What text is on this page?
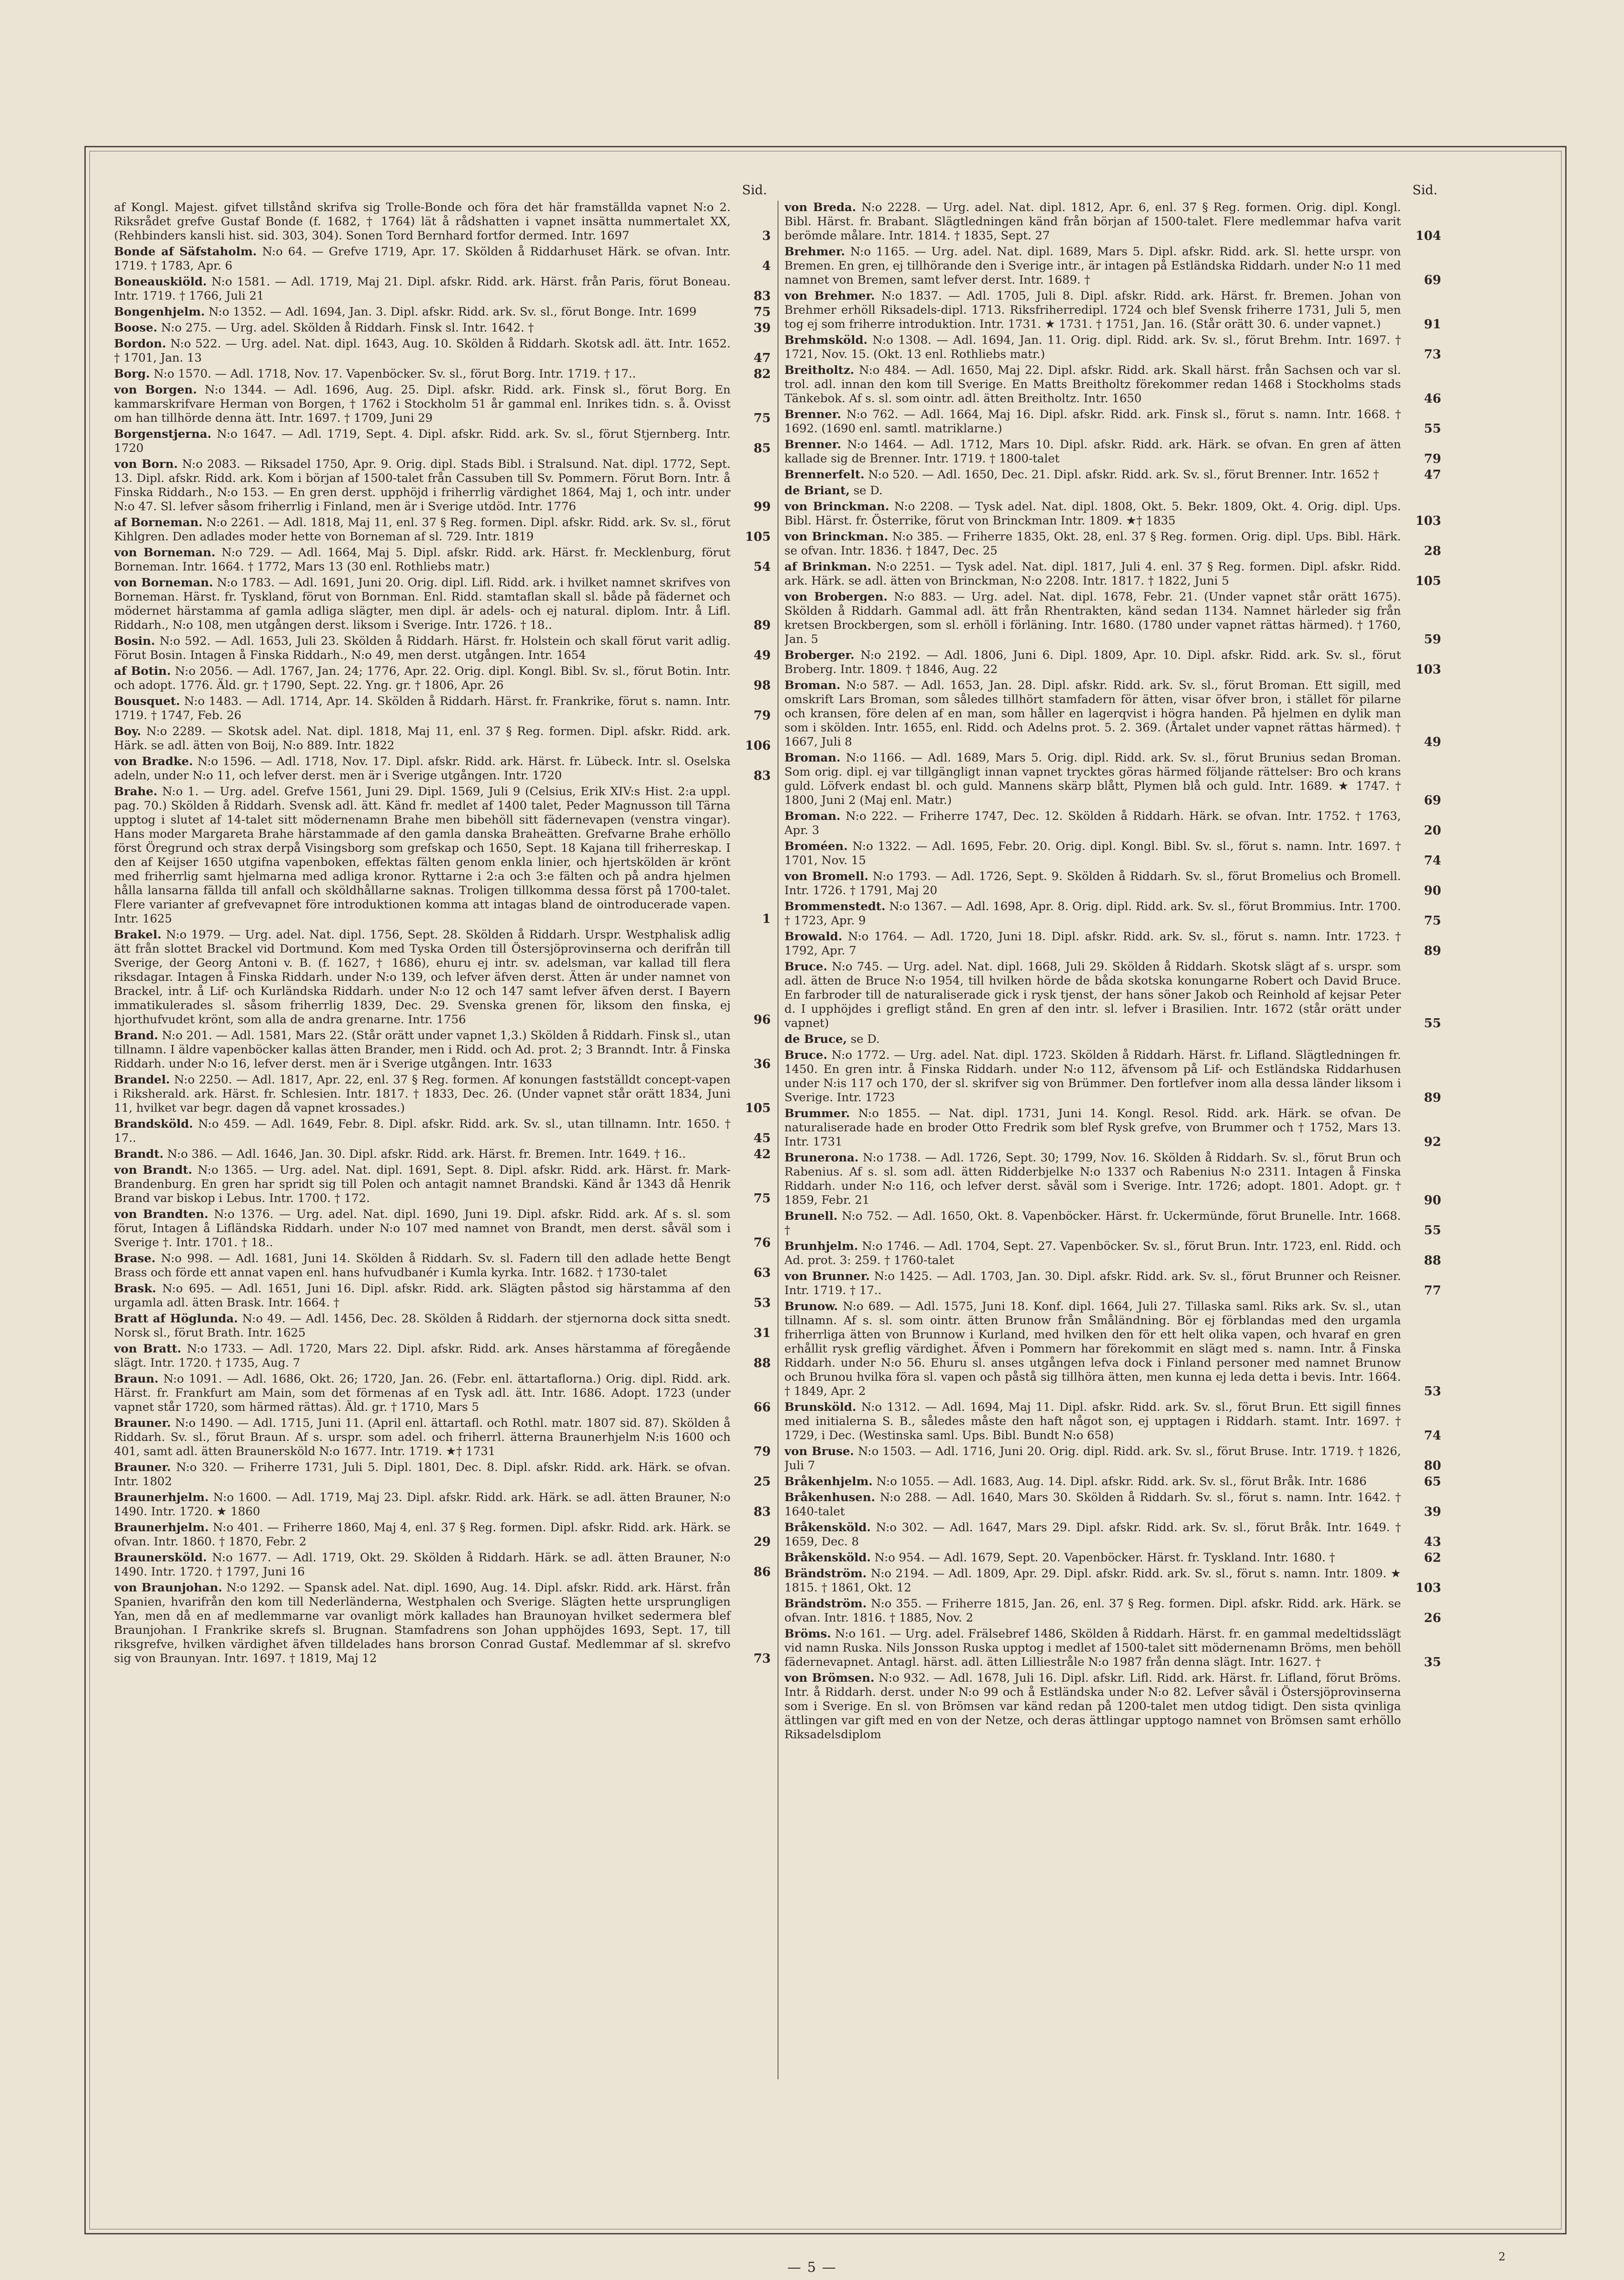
Sid.
af Kongl. Majest. gifvet tillstånd skrifva sig Trolle-Bonde och föra det här framställda vapnet N:o 2. Riksrådet grefve Gustaf Bonde (f. 1682, † 1764) lät å rådshatten i vapnet insätta nummertalet XX, (Rehbinders kansli hist. sid. 303, 304). Sonen Tord Bernhard fortfor dermed. Intr. 1697	3
Bonde af Säfstaholm. N:o 64. — Grefve 1719, Apr. 17. Skölden å Riddarhuset Härk. se ofvan. Intr. 1719. † 1783, Apr. 6	4
Boneauskiöld. N:o 1581. — Adl. 1719, Maj 21. Dipl. afskr. Ridd. ark. Härst. från Paris, förut Boneau. Intr. 1719. † 1766, Juli 21	83
Bongenhjelm. N:o 1352. — Adl. 1694, Jan. 3. Dipl. afskr. Ridd. ark. Sv. sl., förut Bonge. Intr. 1699	75
Boose. N:o 275. — Urg. adel. Skölden å Riddarh. Finsk sl. Intr. 1642. †	39
Bordon. N:o 522. — Urg. adel. Nat. dipl. 1643, Aug. 10. Skölden å Riddarh. Skotsk adl. ätt. Intr. 1652. † 1701, Jan. 13	47
Borg. N:o 1570. — Adl. 1718, Nov. 17. Vapenböcker. Sv. sl., förut Borg. Intr. 1719. † 17..	82
von Borgen. N:o 1344. — Adl. 1696, Aug. 25. Dipl. afskr. Ridd. ark. Finsk sl., förut Borg. En kammarskrifvare Herman von Borgen, † 1762 i Stockholm 51 år gammal enl. Inrikes tidn. s. å. Ovisst om han tillhörde denna ätt. Intr. 1697. † 1709, Juni 29	75
Borgenstjerna. N:o 1647. — Adl. 1719, Sept. 4. Dipl. afskr. Ridd. ark. Sv. sl., förut Stjernberg. Intr. 1720	85
von Born. N:o 2083. — Riksadel 1750, Apr. 9. Orig. dipl. Stads Bibl. i Stralsund. Nat. dipl. 1772, Sept. 13. Dipl. afskr. Ridd. ark. Kom i början af 1500-talet från Cassuben till Sv. Pommern. Förut Born. Intr. å Finska Riddarh., N:o 153. — En gren derst. upphöjd i friherrlig värdighet 1864, Maj 1, och intr. under N:o 47. Sl. lefver såsom friherrlig i Finland, men är i Sverige utdöd. Intr. 1776	99
af Borneman. N:o 2261. — Adl. 1818, Maj 11, enl. 37 § Reg. formen. Dipl. afskr. Ridd. ark. Sv. sl., förut Kihlgren. Den adlades moder hette von Borneman af sl. 729. Intr. 1819	105
von Borneman. N:o 729. — Adl. 1664, Maj 5. Dipl. afskr. Ridd. ark. Härst. fr. Mecklenburg, förut Borneman. Intr. 1664. † 1772, Mars 13 (30 enl. Rothliebs matr.)	54
von Borneman. N:o 1783. — Adl. 1691, Juni 20. Orig. dipl. Lifl. Ridd. ark. i hvilket namnet skrifves von Borneman. Härst. fr. Tyskland, förut von Bornman. Enl. Ridd. stamtaflan skall sl. både på fädernet och mödernet härstamma af gamla adliga slägter, men dipl. är adels- och ej natural. diplom. Intr. å Lifl. Riddarh., N:o 108, men utgången derst. liksom i Sverige. Intr. 1726. † 18..	89
Bosin. N:o 592. — Adl. 1653, Juli 23. Skölden å Riddarh. Härst. fr. Holstein och skall förut varit adlig. Förut Bosin. Intagen å Finska Riddarh., N:o 49, men derst. utgången. Intr. 1654	49
af Botin. N:o 2056. — Adl. 1767, Jan. 24; 1776, Apr. 22. Orig. dipl. Kongl. Bibl. Sv. sl., förut Botin. Intr. och adopt. 1776. Äld. gr. † 1790, Sept. 22. Yng. gr. † 1806, Apr. 26	98
Bousquet. N:o 1483. — Adl. 1714, Apr. 14. Skölden å Riddarh. Härst. fr. Frankrike, förut s. namn. Intr. 1719. † 1747, Feb. 26	79
Boy. N:o 2289. — Skotsk adel. Nat. dipl. 1818, Maj 11, enl. 37 § Reg. formen. Dipl. afskr. Ridd. ark. Härk. se adl. ätten von Boij, N:o 889. Intr. 1822	106
von Bradke. N:o 1596. — Adl. 1718, Nov. 17. Dipl. afskr. Ridd. ark. Härst. fr. Lübeck. Intr. sl. Oselska adeln, under N:o 11, och lefver derst. men är i Sverige utgången. Intr. 1720	83
Brahe. N:o 1. — Urg. adel. Grefve 1561, Juni 29. Dipl. 1569, Juli 9 (Celsius, Erik XIV:s Hist. 2:a uppl. pag. 70.) Skölden å Riddarh. Svensk adl. ätt. Känd fr. medlet af 1400 talet, Peder Magnusson till Tärna upptog i slutet af 14-talet sitt mödernenamn Brahe men bibehöll sitt fädernevapen (venstra vingar). Hans moder Margareta Brahe härstammade af den gamla danska Braheätten. Grefvarne Brahe erhöllo först Öregrund och strax derpå Visingsborg som grefskap och 1650, Sept. 18 Kajana till friherreskap. I den af Keijser 1650 utgifna vapenboken, effektas fälten genom enkla linier, och hjertskölden är krönt med friherrlig samt hjelmarna med adliga kronor. Ryttarne i 2:a och 3:e fälten och på andra hjelmen hålla lansarna fällda till anfall och sköldhållarne saknas. Troligen tillkomma dessa först på 1700-talet. Flere varianter af grefvevapnet före introduktionen komma att intagas bland de ointroducerade vapen. Intr. 1625	1
Brakel. N:o 1979. — Urg. adel. Nat. dipl. 1756, Sept. 28. Skölden å Riddarh. Urspr. Westphalisk adlig ätt från slottet Brackel vid Dortmund. Kom med Tyska Orden till Östersjöprovinserna och derifrån till Sverige, der Georg Antoni v. B. (f. 1627, † 1686), ehuru ej intr. sv. adelsman, var kallad till flera riksdagar. Intagen å Finska Riddarh. under N:o 139, och lefver äfven derst. Ätten är under namnet von Brackel, intr. å Lif- och Kurländska Riddarh. under N:o 12 och 147 samt lefver äfven derst. I Bayern immatikulerades sl. såsom friherrlig 1839, Dec. 29. Svenska grenen för, liksom den finska, ej hjorthufvudet krönt, som alla de andra grenarne. Intr. 1756	96
Brand. N:o 201. — Adl. 1581, Mars 22. (Står orätt under vapnet 1,3.) Skölden å Riddarh. Finsk sl., utan tillnamn. I äldre vapenböcker kallas ätten Brander, men i Ridd. och Ad. prot. 2; 3 Branndt. Intr. å Finska Riddarh. under N:o 16, lefver derst. men är i Sverige utgången. Intr. 1633	36
Brandel. N:o 2250. — Adl. 1817, Apr. 22, enl. 37 § Reg. formen. Af konungen fastställdt concept-vapen i Riksherald. ark. Härst. fr. Schlesien. Intr. 1817. † 1833, Dec. 26. (Under vapnet står orätt 1834, Juni 11, hvilket var begr. dagen då vapnet krossades.)	105
Brandsköld. N:o 459. — Adl. 1649, Febr. 8. Dipl. afskr. Ridd. ark. Sv. sl., utan tillnamn. Intr. 1650. † 17..	45
Brandt. N:o 386. — Adl. 1646, Jan. 30. Dipl. afskr. Ridd. ark. Härst. fr. Bremen. Intr. 1649. † 16..	42
von Brandt. N:o 1365. — Urg. adel. Nat. dipl. 1691, Sept. 8. Dipl. afskr. Ridd. ark. Härst. fr. Mark-Brandenburg. En gren har spridt sig till Polen och antagit namnet Brandski. Känd år 1343 då Henrik Brand var biskop i Lebus. Intr. 1700. † 172.	75
von Brandten. N:o 1376. — Urg. adel. Nat. dipl. 1690, Juni 19. Dipl. afskr. Ridd. ark. Af s. sl. som förut, Intagen å Lifländska Riddarh. under N:o 107 med namnet von Brandt, men derst. såväl som i Sverige †. Intr. 1701. † 18..	76
Brase. N:o 998. — Adl. 1681, Juni 14. Skölden å Riddarh. Sv. sl. Fadern till den adlade hette Bengt Brass och förde ett annat vapen enl. hans hufvudbanér i Kumla kyrka. Intr. 1682. † 1730-talet	63
Brask. N:o 695. — Adl. 1651, Juni 16. Dipl. afskr. Ridd. ark. Slägten påstod sig härstamma af den urgamla adl. ätten Brask. Intr. 1664. †	53
Bratt af Höglunda. N:o 49. — Adl. 1456, Dec. 28. Skölden å Riddarh. der stjernorna dock sitta snedt. Norsk sl., förut Brath. Intr. 1625	31
von Bratt. N:o 1733. — Adl. 1720, Mars 22. Dipl. afskr. Ridd. ark. Anses härstamma af föregående slägt. Intr. 1720. † 1735, Aug. 7	88
Braun. N:o 1091. — Adl. 1686, Okt. 26; 1720, Jan. 26. (Febr. enl. ättartaflorna.) Orig. dipl. Ridd. ark. Härst. fr. Frankfurt am Main, som det förmenas af en Tysk adl. ätt. Intr. 1686. Adopt. 1723 (under vapnet står 1720, som härmed rättas). Äld. gr. † 1710, Mars 5	66
Brauner. N:o 1490. — Adl. 1715, Juni 11. (April enl. ättartafl. och Rothl. matr. 1807 sid. 87). Skölden å Riddarh. Sv. sl., förut Braun. Af s. urspr. som adel. och friherrl. ätterna Braunerhjelm N:is 1600 och 401, samt adl. ätten Braunersköld N:o 1677. Intr. 1719. ★† 1731	79
Brauner. N:o 320. — Friherre 1731, Juli 5. Dipl. 1801, Dec. 8. Dipl. afskr. Ridd. ark. Härk. se ofvan. Intr. 1802	25
Braunerhjelm. N:o 1600. — Adl. 1719, Maj 23. Dipl. afskr. Ridd. ark. Härk. se adl. ätten Brauner, N:o 1490. Intr. 1720. ★ 1860	83
Braunerhjelm. N:o 401. — Friherre 1860, Maj 4, enl. 37 § Reg. formen. Dipl. afskr. Ridd. ark. Härk. se ofvan. Intr. 1860. † 1870, Febr. 2	29
Braunersköld. N:o 1677. — Adl. 1719, Okt. 29. Skölden å Riddarh. Härk. se adl. ätten Brauner, N:o 1490. Intr. 1720. † 1797, Juni 16	86
von Braunjohan. N:o 1292. — Spansk adel. Nat. dipl. 1690, Aug. 14. Dipl. afskr. Ridd. ark. Härst. från Spanien, hvarifrån den kom till Nederländerna, Westphalen och Sverige. Slägten hette ursprungligen Yan, men då en af medlemmarne var ovanligt mörk kallades han Braunoyan hvilket sedermera blef Braunjohan. I Frankrike skrefs sl. Brugnan. Stamfadrens son Johan upphöjdes 1693, Sept. 17, till riksgrefve, hvilken värdighet äfven tilldelades hans brorson Conrad Gustaf. Medlemmar af sl. skrefvo sig von Braunyan. Intr. 1697. † 1819, Maj 12	73
Sid.
von Breda. N:o 2228. — Urg. adel. Nat. dipl. 1812, Apr. 6, enl. 37 § Reg. formen. Orig. dipl. Kongl. Bibl. Härst. fr. Brabant. Slägtledningen känd från början af 1500-talet. Flere medlemmar hafva varit berömde målare. Intr. 1814. † 1835, Sept. 27	104
Brehmer. N:o 1165. — Urg. adel. Nat. dipl. 1689, Mars 5. Dipl. afskr. Ridd. ark. Sl. hette urspr. von Bremen. En gren, ej tillhörande den i Sverige intr., är intagen på Estländska Riddarh. under N:o 11 med namnet von Bremen, samt lefver derst. Intr. 1689. †	69
von Brehmer. N:o 1837. — Adl. 1705, Juli 8. Dipl. afskr. Ridd. ark. Härst. fr. Bremen. Johan von Brehmer erhöll Riksadels-dipl. 1713. Riksfriherredipl. 1724 och blef Svensk friherre 1731, Juli 5, men tog ej som friherre introduktion. Intr. 1731. ★ 1731. † 1751, Jan. 16. (Står orätt 30. 6. under vapnet.)	91
Brehmsköld. N:o 1308. — Adl. 1694, Jan. 11. Orig. dipl. Ridd. ark. Sv. sl., förut Brehm. Intr. 1697. † 1721, Nov. 15. (Okt. 13 enl. Rothliebs matr.)	73
Breitholtz. N:o 484. — Adl. 1650, Maj 22. Dipl. afskr. Ridd. ark. Skall härst. från Sachsen och var sl. trol. adl. innan den kom till Sverige. En Matts Breitholtz förekommer redan 1468 i Stockholms stads Tänkebok. Af s. sl. som ointr. adl. ätten Breitholtz. Intr. 1650	46
Brenner. N:o 762. — Adl. 1664, Maj 16. Dipl. afskr. Ridd. ark. Finsk sl., förut s. namn. Intr. 1668. † 1692. (1690 enl. samtl. matriklarne.)	55
Brenner. N:o 1464. — Adl. 1712, Mars 10. Dipl. afskr. Ridd. ark. Härk. se ofvan. En gren af ätten kallade sig de Brenner. Intr. 1719. † 1800-talet	79
Brennerfelt. N:o 520. — Adl. 1650, Dec. 21. Dipl. afskr. Ridd. ark. Sv. sl., förut Brenner. Intr. 1652 †	47
de Briant, se D.
von Brinckman. N:o 2208. — Tysk adel. Nat. dipl. 1808, Okt. 5. Bekr. 1809, Okt. 4. Orig. dipl. Ups. Bibl. Härst. fr. Österrike, förut von Brinckman Intr. 1809. ★† 1835	103
von Brinckman. N:o 385. — Friherre 1835, Okt. 28, enl. 37 § Reg. formen. Orig. dipl. Ups. Bibl. Härk. se ofvan. Intr. 1836. † 1847, Dec. 25	28
af Brinkman. N:o 2251. — Tysk adel. Nat. dipl. 1817, Juli 4. enl. 37 § Reg. formen. Dipl. afskr. Ridd. ark. Härk. se adl. ätten von Brinckman, N:o 2208. Intr. 1817. † 1822, Juni 5	105
von Brobergen. N:o 883. — Urg. adel. Nat. dipl. 1678, Febr. 21. (Under vapnet står orätt 1675). Skölden å Riddarh. Gammal adl. ätt från Rhentrakten, känd sedan 1134. Namnet härleder sig från kretsen Brockbergen, som sl. erhöll i förläning. Intr. 1680. (1780 under vapnet rättas härmed). † 1760, Jan. 5	59
Broberger. N:o 2192. — Adl. 1806, Juni 6. Dipl. 1809, Apr. 10. Dipl. afskr. Ridd. ark. Sv. sl., förut Broberg. Intr. 1809. † 1846, Aug. 22	103
Broman. N:o 587. — Adl. 1653, Jan. 28. Dipl. afskr. Ridd. ark. Sv. sl., förut Broman. Ett sigill, med omskrift Lars Broman, som således tillhört stamfadern för ätten, visar öfver bron, i stället för pilarne och kransen, före delen af en man, som håller en lagerqvist i högra handen. På hjelmen en dylik man som i skölden. Intr. 1655, enl. Ridd. och Adelns prot. 5. 2. 369. (Årtalet under vapnet rättas härmed). † 1667, Juli 8	49
Broman. N:o 1166. — Adl. 1689, Mars 5. Orig. dipl. Ridd. ark. Sv. sl., förut Brunius sedan Broman. Som orig. dipl. ej var tillgängligt innan vapnet trycktes göras härmed följande rättelser: Bro och krans guld. Löfverk endast bl. och guld. Mannens skärp blått, Plymen blå och guld. Intr. 1689. ★ 1747. † 1800, Juni 2 (Maj enl. Matr.)	69
Broman. N:o 222. — Friherre 1747, Dec. 12. Skölden å Riddarh. Härk. se ofvan. Intr. 1752. † 1763, Apr. 3	20
Broméen. N:o 1322. — Adl. 1695, Febr. 20. Orig. dipl. Kongl. Bibl. Sv. sl., förut s. namn. Intr. 1697. † 1701, Nov. 15	74
von Bromell. N:o 1793. — Adl. 1726, Sept. 9. Skölden å Riddarh. Sv. sl., förut Bromelius och Bromell. Intr. 1726. † 1791, Maj 20	90
Brommenstedt. N:o 1367. — Adl. 1698, Apr. 8. Orig. dipl. Ridd. ark. Sv. sl., förut Brommius. Intr. 1700. † 1723, Apr. 9	75
Browald. N:o 1764. — Adl. 1720, Juni 18. Dipl. afskr. Ridd. ark. Sv. sl., förut s. namn. Intr. 1723. † 1792, Apr. 7	89
Bruce. N:o 745. — Urg. adel. Nat. dipl. 1668, Juli 29. Skölden å Riddarh. Skotsk slägt af s. urspr. som adl. ätten de Bruce N:o 1954, till hvilken hörde de båda skotska konungarne Robert och David Bruce. En farbroder till de naturaliserade gick i rysk tjenst, der hans söner Jakob och Reinhold af kejsar Peter d. I upphöjdes i grefligt stånd. En gren af den intr. sl. lefver i Brasilien. Intr. 1672 (står orätt under vapnet)	55
de Bruce, se D.
Bruce. N:o 1772. — Urg. adel. Nat. dipl. 1723. Skölden å Riddarh. Härst. fr. Lifland. Slägtledningen fr. 1450. En gren intr. å Finska Riddarh. under N:o 112, äfvensom på Lif- och Estländska Riddarhusen under N:is 117 och 170, der sl. skrifver sig von Brümmer. Den fortlefver inom alla dessa länder liksom i Sverige. Intr. 1723	89
Brummer. N:o 1855. — Nat. dipl. 1731, Juni 14. Kongl. Resol. Ridd. ark. Härk. se ofvan. De naturaliserade hade en broder Otto Fredrik som blef Rysk grefve, von Brummer och † 1752, Mars 13. Intr. 1731	92
Brunerona. N:o 1738. — Adl. 1726, Sept. 30; 1799, Nov. 16. Skölden å Riddarh. Sv. sl., förut Brun och Rabenius. Af s. sl. som adl. ätten Ridderbjelke N:o 1337 och Rabenius N:o 2311. Intagen å Finska Riddarh. under N:o 116, och lefver derst. såväl som i Sverige. Intr. 1726; adopt. 1801. Adopt. gr. † 1859, Febr. 21	90
Brunell. N:o 752. — Adl. 1650, Okt. 8. Vapenböcker. Härst. fr. Uckermünde, förut Brunelle. Intr. 1668. †	55
Brunhjelm. N:o 1746. — Adl. 1704, Sept. 27. Vapenböcker. Sv. sl., förut Brun. Intr. 1723, enl. Ridd. och Ad. prot. 3: 259. † 1760-talet	88
von Brunner. N:o 1425. — Adl. 1703, Jan. 30. Dipl. afskr. Ridd. ark. Sv. sl., förut Brunner och Reisner. Intr. 1719. † 17..	77
Brunow. N:o 689. — Adl. 1575, Juni 18. Konf. dipl. 1664, Juli 27. Tillaska saml. Riks ark. Sv. sl., utan tillnamn. Af s. sl. som ointr. ätten Brunow från Småländning. Bör ej förblandas med den urgamla friherrliga ätten von Brunnow i Kurland, med hvilken den för ett helt olika vapen, och hvaraf en gren erhållit rysk greflig värdighet. Äfven i Pommern har förekommit en slägt med s. namn. Intr. å Finska Riddarh. under N:o 56. Ehuru sl. anses utgången lefva dock i Finland personer med namnet Brunow och Brunou hvilka föra sl. vapen och påstå sig tillhöra ätten, men kunna ej leda detta i bevis. Intr. 1664. † 1849, Apr. 2	53
Brunsköld. N:o 1312. — Adl. 1694, Maj 11. Dipl. afskr. Ridd. ark. Sv. sl., förut Brun. Ett sigill finnes med initialerna S. B., således måste den haft något son, ej upptagen i Riddarh. stamt. Intr. 1697. † 1729, i Dec. (Westinska saml. Ups. Bibl. Bundt N:o 658)	74
von Bruse. N:o 1503. — Adl. 1716, Juni 20. Orig. dipl. Ridd. ark. Sv. sl., förut Bruse. Intr. 1719. † 1826, Juli 7	80
Bråkenhjelm. N:o 1055. — Adl. 1683, Aug. 14. Dipl. afskr. Ridd. ark. Sv. sl., förut Bråk. Intr. 1686	65
Bråkenhusen. N:o 288. — Adl. 1640, Mars 30. Skölden å Riddarh. Sv. sl., förut s. namn. Intr. 1642. † 1640-talet	39
Bråkensköld. N:o 302. — Adl. 1647, Mars 29. Dipl. afskr. Ridd. ark. Sv. sl., förut Bråk. Intr. 1649. † 1659, Dec. 8	43
Bråkensköld. N:o 954. — Adl. 1679, Sept. 20. Vapenböcker. Härst. fr. Tyskland. Intr. 1680. †	62
Brändström. N:o 2194. — Adl. 1809, Apr. 29. Dipl. afskr. Ridd. ark. Sv. sl., förut s. namn. Intr. 1809. ★ 1815. † 1861, Okt. 12	103
Brändström. N:o 355. — Friherre 1815, Jan. 26, enl. 37 § Reg. formen. Dipl. afskr. Ridd. ark. Härk. se ofvan. Intr. 1816. † 1885, Nov. 2	26
Bröms. N:o 161. — Urg. adel. Frälsebref 1486, Skölden å Riddarh. Härst. fr. en gammal medeltidsslägt vid namn Ruska. Nils Jonsson Ruska upptog i medlet af 1500-talet sitt mödernenamn Bröms, men behöll fädernevapnet. Antagl. härst. adl. ätten Lilliestråle N:o 1987 från denna slägt. Intr. 1627. †	35
von Brömsen. N:o 932. — Adl. 1678, Juli 16. Dipl. afskr. Lifl. Ridd. ark. Härst. fr. Lifland, förut Bröms. Intr. å Riddarh. derst. under N:o 99 och å Estländska under N:o 82. Lefver såväl i Östersjöprovinserna som i Sverige. En sl. von Brömsen var känd redan på 1200-talet men utdog tidigt. Den sista qvinliga ättlingen var gift med en von der Netze, och deras ättlingar upptogo namnet von Brömsen samt erhöllo Riksadelsdiplom
— 5 —
2
